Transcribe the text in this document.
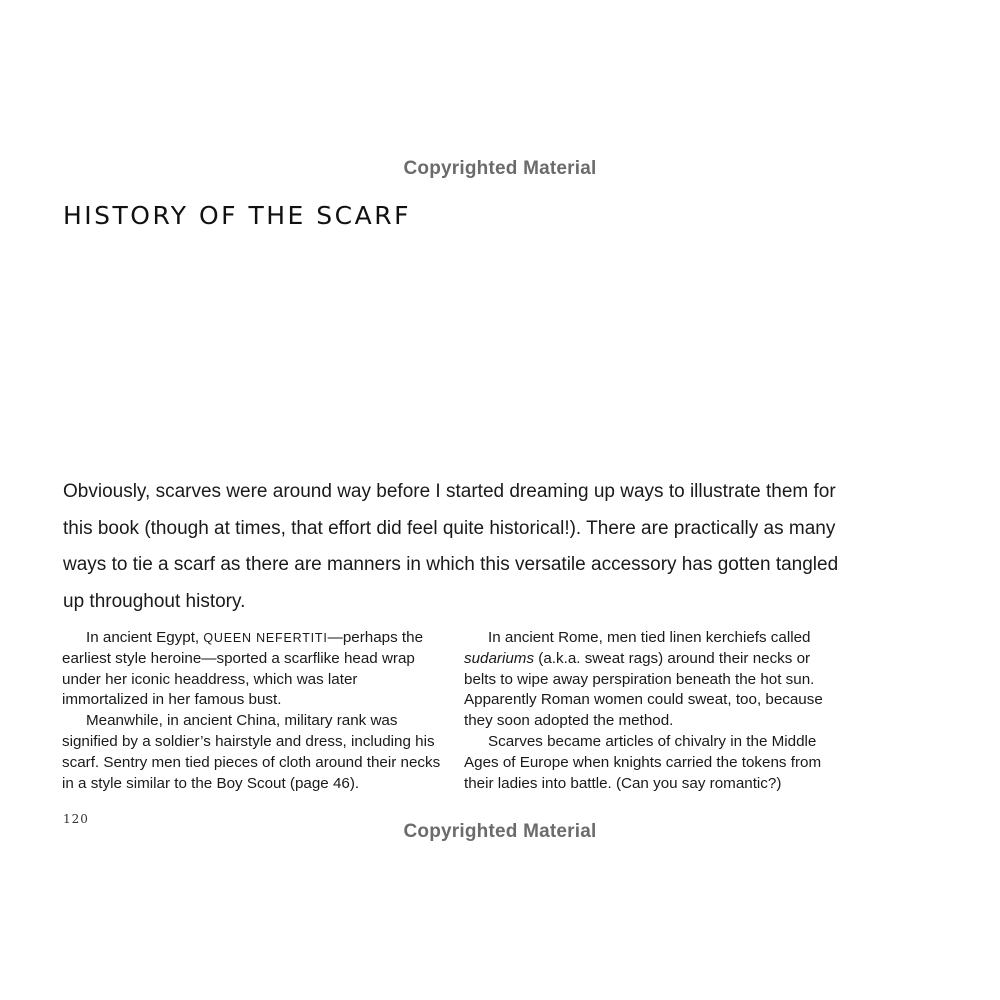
Copyrighted Material
HISTORY OF THE SCARF

Obviously, scarves were around way before I started dreaming up ways to illustrate them for this book (though at times, that effort did feel quite historical!). There are practically as many ways to tie a scarf as there are manners in which this versatile accessory has gotten tangled up throughout history.

In ancient Egypt, QUEEN NEFERTITI—perhaps the earliest style heroine—sported a scarflike head wrap under her iconic headdress, which was later immortalized in her famous bust.

Meanwhile, in ancient China, military rank was signified by a soldier’s hairstyle and dress, including his scarf. Sentry men tied pieces of cloth around their necks in a style similar to the Boy Scout (page 46).

In ancient Rome, men tied linen kerchiefs called sudariums (a.k.a. sweat rags) around their necks or belts to wipe away perspiration beneath the hot sun. Apparently Roman women could sweat, too, because they soon adopted the method.

Scarves became articles of chivalry in the Middle Ages of Europe when knights carried the tokens from their ladies into battle. (Can you say romantic?)

120
Copyrighted Material
